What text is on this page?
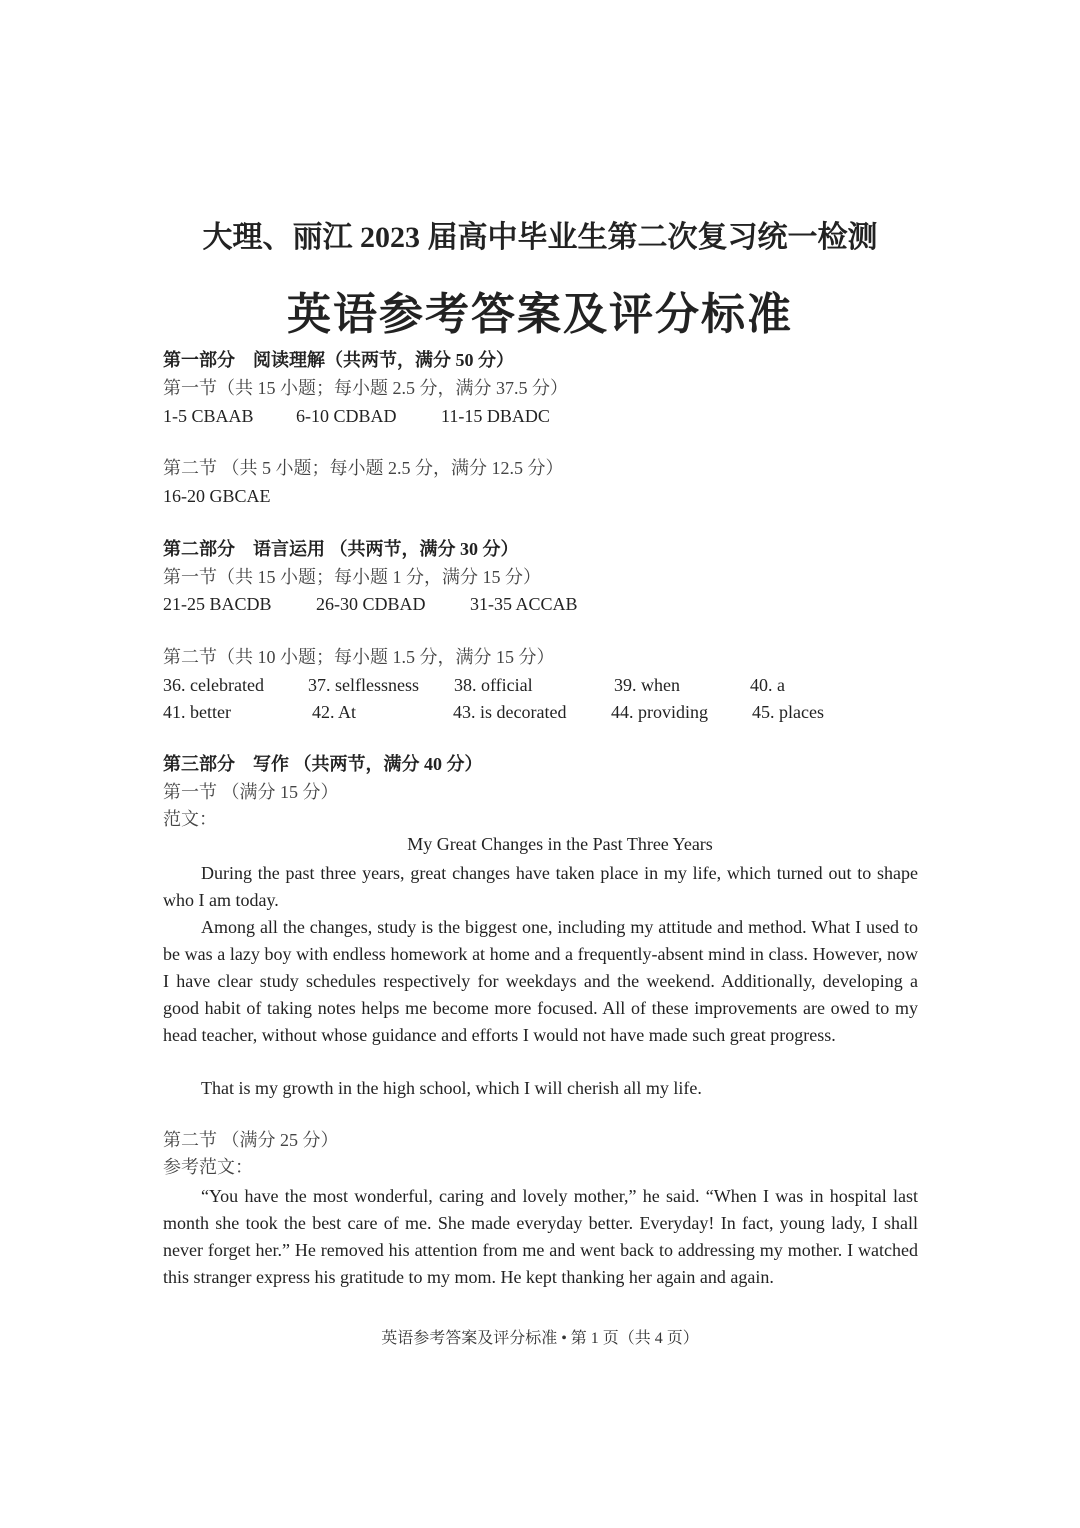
大理、丽江 2023 届高中毕业生第二次复习统一检测
英语参考答案及评分标准
第一部分　阅读理解（共两节，满分 50 分）
第一节（共 15 小题；每小题 2.5 分，满分 37.5 分）
1-5 CBAAB 6-10 CDBAD 11-15 DBADC
第二节 （共 5 小题；每小题 2.5 分，满分 12.5 分）
16-20 GBCAE
第二部分　语言运用 （共两节，满分 30 分）
第一节（共 15 小题；每小题 1 分，满分 15 分）
21-25 BACDB 26-30 CDBAD 31-35 ACCAB
第二节（共 10 小题；每小题 1.5 分，满分 15 分）
36. celebrated 37. selflessness 38. official	39. when	40. a
41. better	42. At	43. is decorated 44. providing 45. places
第三部分　写作 （共两节，满分 40 分）
第一节 （满分 15 分）
范文：
My Great Changes in the Past Three Years

During the past three years, great changes have taken place in my life, which turned out to shape who I am today.

Among all the changes, study is the biggest one, including my attitude and method. What I used to be was a lazy boy with endless homework at home and a frequently-absent mind in class. However, now I have clear study schedules respectively for weekdays and the weekend. Additionally, developing a good habit of taking notes helps me become more focused. All of these improvements are owed to my head teacher, without whose guidance and efforts I would not have made such great progress.

That is my growth in the high school, which I will cherish all my life.

第二节 （满分 25 分）
参考范文：

“You have the most wonderful, caring and lovely mother,” he said. “When I was in hospital last month she took the best care of me. She made everyday better. Everyday! In fact, young lady, I shall never forget her.” He removed his attention from me and went back to addressing my mother. I watched this stranger express his gratitude to my mom. He kept thanking her again and again.

英语参考答案及评分标准 • 第 1 页（共 4 页）
